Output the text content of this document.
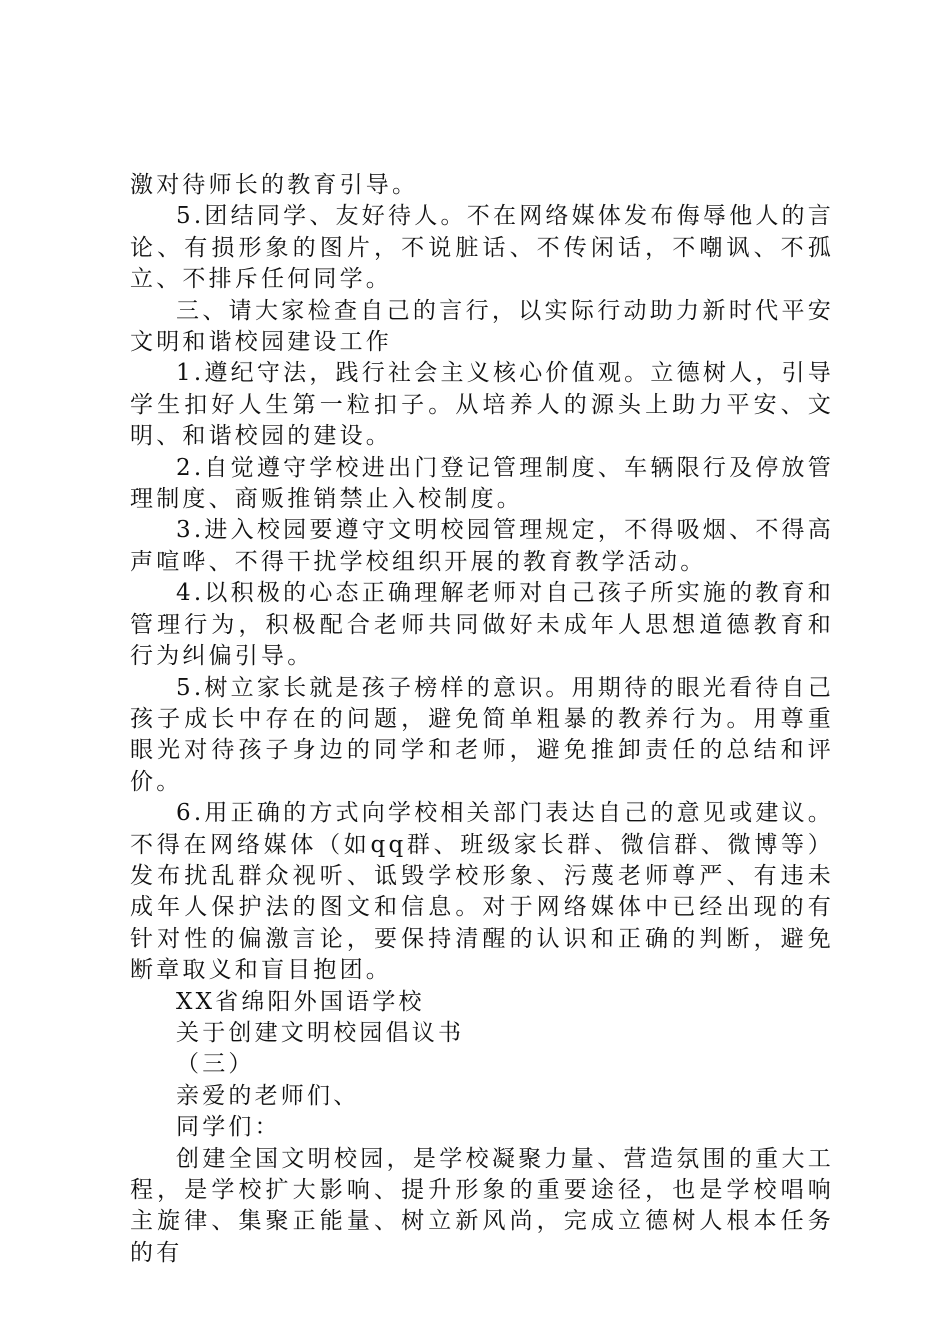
激对待师长的教育引导。

5.团结同学、友好待人。不在网络媒体发布侮辱他人的言论、有损形象的图片，不说脏话、不传闲话，不嘲讽、不孤立、不排斥任何同学。

三、请大家检查自己的言行，以实际行动助力新时代平安文明和谐校园建设工作

1.遵纪守法，践行社会主义核心价值观。立德树人，引导学生扣好人生第一粒扣子。从培养人的源头上助力平安、文明、和谐校园的建设。

2.自觉遵守学校进出门登记管理制度、车辆限行及停放管理制度、商贩推销禁止入校制度。

3.进入校园要遵守文明校园管理规定，不得吸烟、不得高声喧哗、不得干扰学校组织开展的教育教学活动。

4.以积极的心态正确理解老师对自己孩子所实施的教育和管理行为，积极配合老师共同做好未成年人思想道德教育和行为纠偏引导。

5.树立家长就是孩子榜样的意识。用期待的眼光看待自己孩子成长中存在的问题，避免简单粗暴的教养行为。用尊重眼光对待孩子身边的同学和老师，避免推卸责任的总结和评价。

6.用正确的方式向学校相关部门表达自己的意见或建议。不得在网络媒体（如qq群、班级家长群、微信群、微博等）发布扰乱群众视听、诋毁学校形象、污蔑老师尊严、有违未成年人保护法的图文和信息。对于网络媒体中已经出现的有针对性的偏激言论，要保持清醒的认识和正确的判断，避免断章取义和盲目抱团。

XX省绵阳外国语学校

关于创建文明校园倡议书

（三）

亲爱的老师们、

同学们：

创建全国文明校园，是学校凝聚力量、营造氛围的重大工程，是学校扩大影响、提升形象的重要途径，也是学校唱响主旋律、集聚正能量、树立新风尚，完成立德树人根本任务的有
